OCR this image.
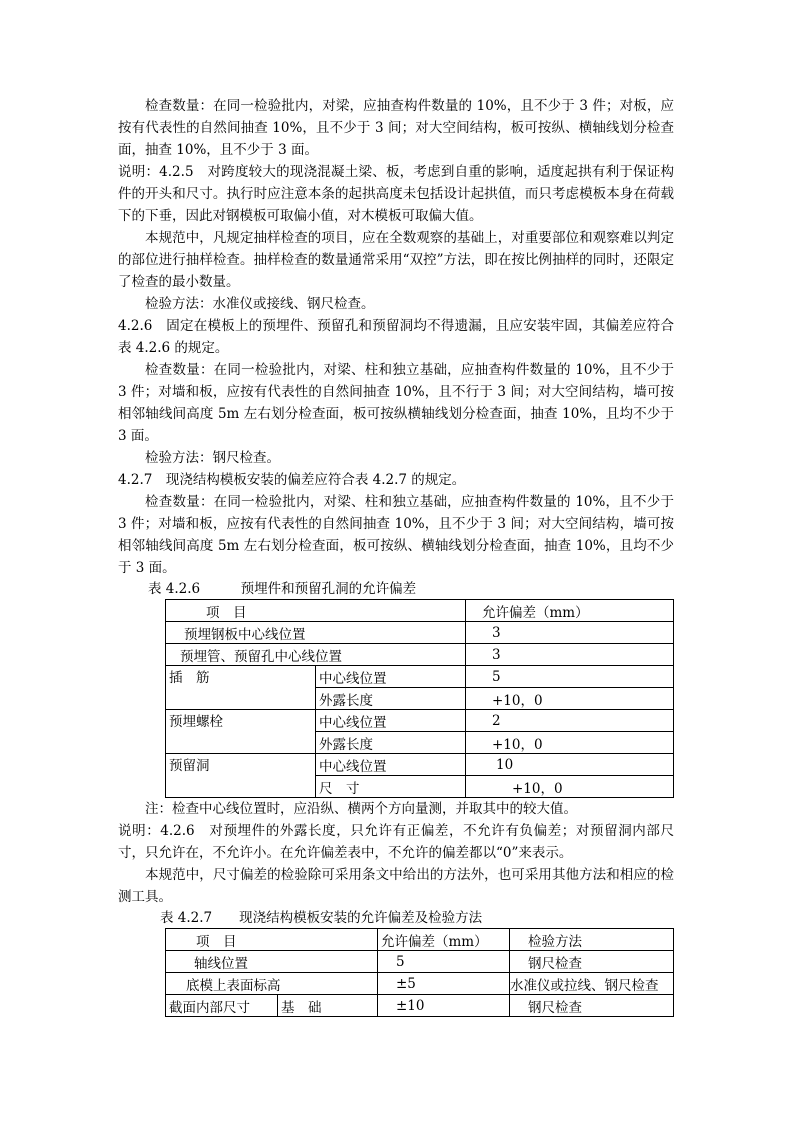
检查数量：在同一检验批内，对梁，应抽查构件数量的 10%，且不少于 3 件；对板，应按有代表性的自然间抽查 10%，且不少于 3 间；对大空间结构，板可按纵、横轴线划分检查面，抽查 10%，且不少于 3 面。

说明：4.2.5　对跨度较大的现浇混凝土梁、板，考虑到自重的影响，适度起拱有利于保证构件的开头和尺寸。执行时应注意本条的起拱高度未包括设计起拱值，而只考虑模板本身在荷载下的下垂，因此对钢模板可取偏小值，对木模板可取偏大值。

本规范中，凡规定抽样检查的项目，应在全数观察的基础上，对重要部位和观察难以判定的部位进行抽样检查。抽样检查的数量通常采用“双控”方法，即在按比例抽样的同时，还限定了检查的最小数量。

检验方法：水准仪或接线、钢尺检查。

4.2.6　固定在模板上的预埋件、预留孔和预留洞均不得遗漏，且应安装牢固，其偏差应符合表 4.2.6 的规定。

检查数量：在同一检验批内，对梁、柱和独立基础，应抽查构件数量的 10%，且不少于 3 件；对墙和板，应按有代表性的自然间抽查 10%，且不行于 3 间；对大空间结构，墙可按相邻轴线间高度 5m 左右划分检查面，板可按纵横轴线划分检查面，抽查 10%，且均不少于 3 面。

检验方法：钢尺检查。

4.2.7　现浇结构模板安装的偏差应符合表 4.2.7 的规定。

检查数量：在同一检验批内，对梁、柱和独立基础，应抽查构件数量的 10%，且不少于 3 件；对墙和板，应按有代表性的自然间抽查 10%，且不少于 3 间；对大空间结构，墙可按相邻轴线间高度 5m 左右划分检查面，板可按纵、横轴线划分检查面，抽查 10%，且均不少于 3 面。

表 4.2.6　　　预埋件和预留孔洞的允许偏差

项　目		允许偏差（mm）
预埋钢板中心线位置		3
预埋管、预留孔中心线位置		3
插　筋	中心线位置	5
	外露长度	+10，0
预埋螺栓	中心线位置	2
	外露长度	+10，0
预留洞	中心线位置	10
	尺　寸	+10，0

注：检查中心线位置时，应沿纵、横两个方向量测，并取其中的较大值。

说明：4.2.6　对预埋件的外露长度，只允许有正偏差，不允许有负偏差；对预留洞内部尺寸，只允许在，不允许小。在允许偏差表中，不允许的偏差都以“0”来表示。

本规范中，尺寸偏差的检验除可采用条文中给出的方法外，也可采用其他方法和相应的检测工具。

表 4.2.7　　现浇结构模板安装的允许偏差及检验方法

项　目		允许偏差（mm）	检验方法
轴线位置		5	钢尺检查
底模上表面标高		±5	水准仪或拉线、钢尺检查
截面内部尺寸	基　础	±10	钢尺检查
